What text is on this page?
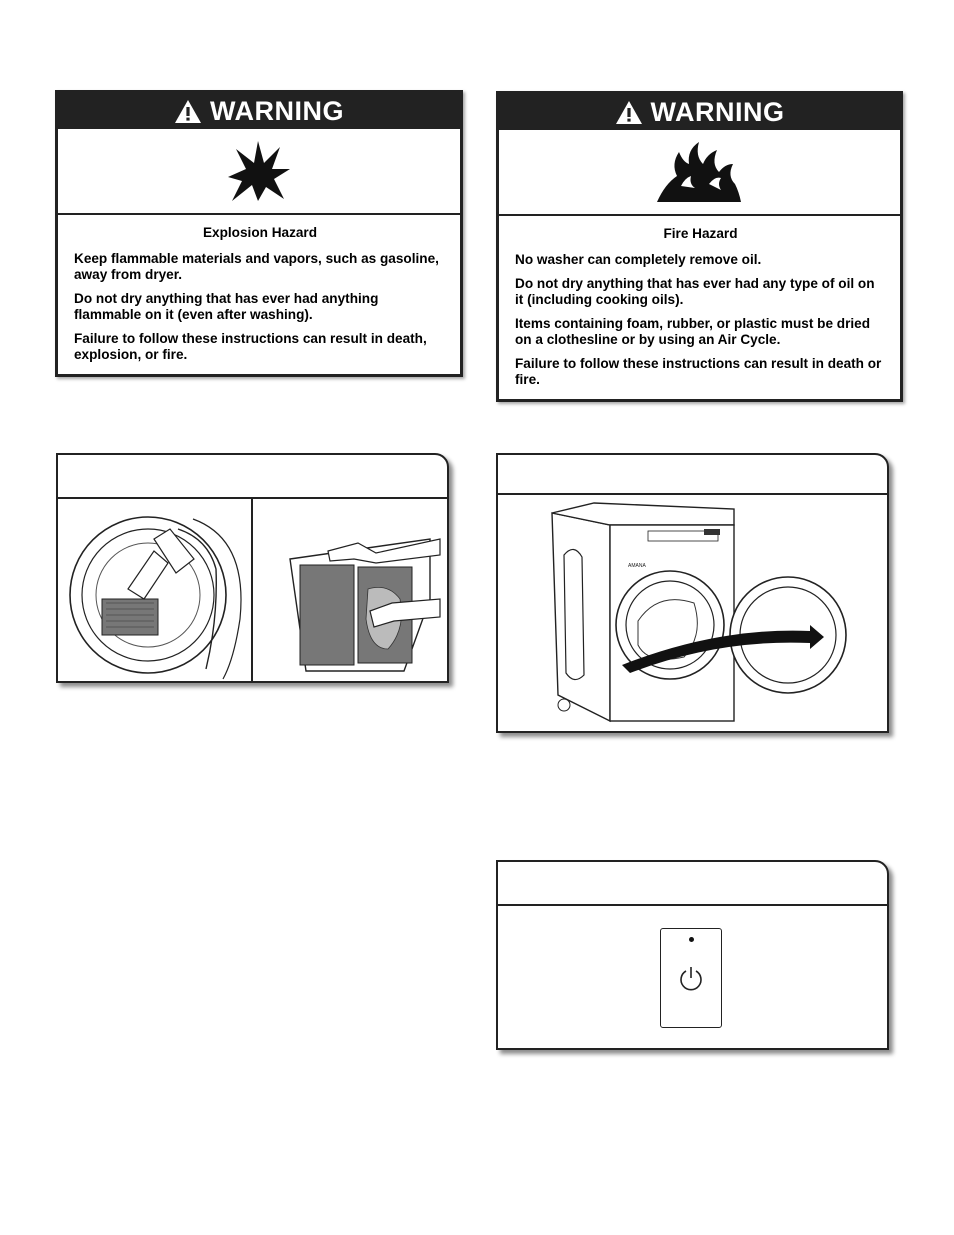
WARNING
Explosion Hazard

Keep flammable materials and vapors, such as gasoline, away from dryer.

Do not dry anything that has ever had anything flammable on it (even after washing).

Failure to follow these instructions can result in death, explosion, or fire.

WARNING
Fire Hazard

No washer can completely remove oil.

Do not dry anything that has ever had any type of oil on it (including cooking oils).

Items containing foam, rubber, or plastic must be dried on a clothesline or by using an Air Cycle.

Failure to follow these instructions can result in death or fire.

AMANA
